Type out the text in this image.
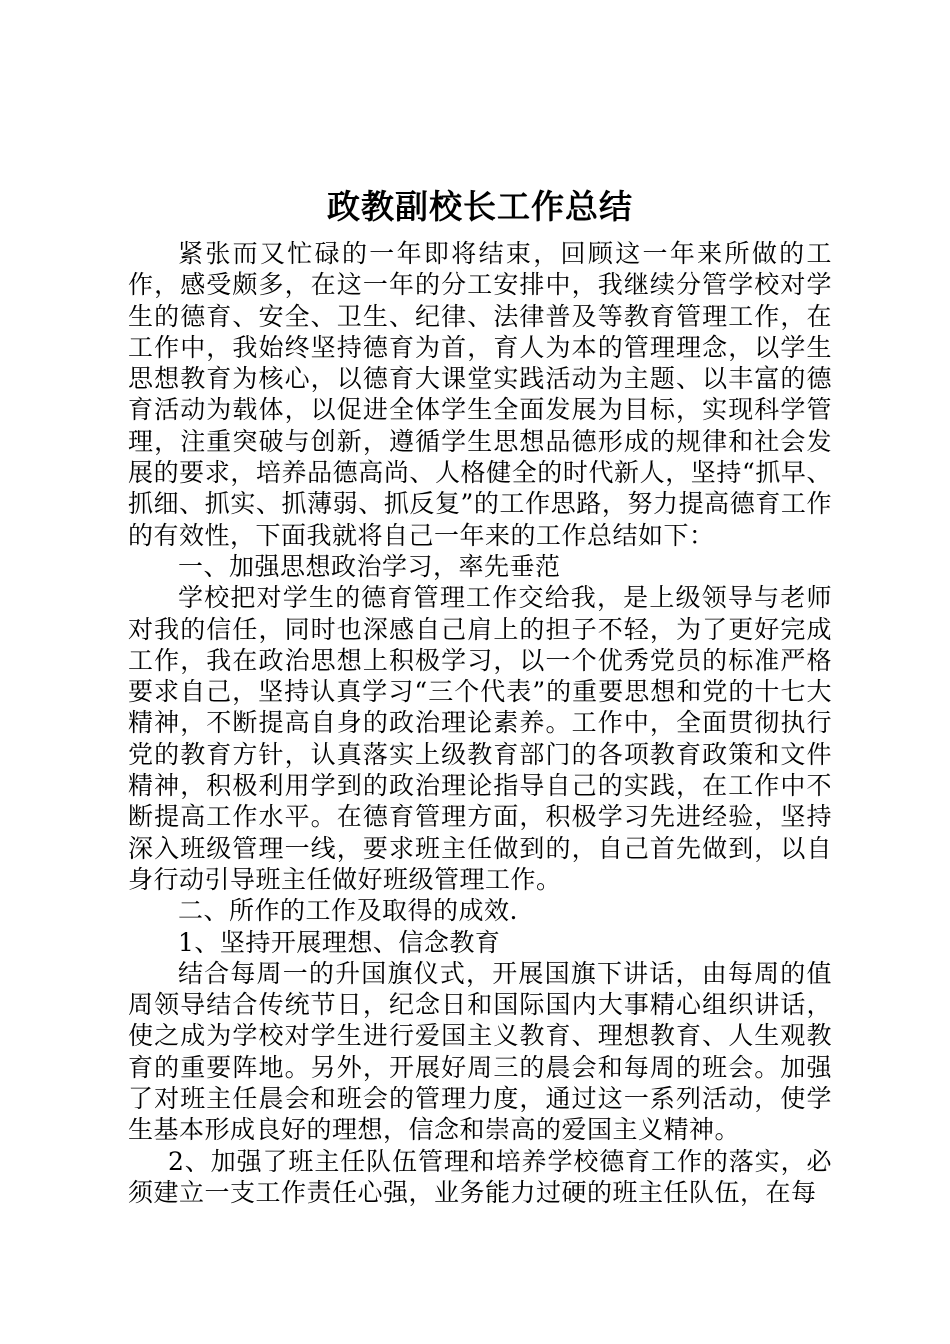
政教副校长工作总结

紧张而又忙碌的一年即将结束，回顾这一年来所做的工作，感受颇多，在这一年的分工安排中，我继续分管学校对学生的德育、安全、卫生、纪律、法律普及等教育管理工作，在工作中，我始终坚持德育为首，育人为本的管理理念，以学生思想教育为核心，以德育大课堂实践活动为主题、以丰富的德育活动为载体，以促进全体学生全面发展为目标，实现科学管理，注重突破与创新，遵循学生思想品德形成的规律和社会发展的要求，培养品德高尚、人格健全的时代新人，坚持“抓早、抓细、抓实、抓薄弱、抓反复”的工作思路，努力提高德育工作的有效性，下面我就将自己一年来的工作总结如下：

一、加强思想政治学习，率先垂范

学校把对学生的德育管理工作交给我，是上级领导与老师对我的信任，同时也深感自己肩上的担子不轻，为了更好完成工作，我在政治思想上积极学习，以一个优秀党员的标准严格要求自己，坚持认真学习“三个代表”的重要思想和党的十七大精神，不断提高自身的政治理论素养。工作中，全面贯彻执行党的教育方针，认真落实上级教育部门的各项教育政策和文件精神，积极利用学到的政治理论指导自己的实践，在工作中不断提高工作水平。在德育管理方面，积极学习先进经验，坚持深入班级管理一线，要求班主任做到的，自己首先做到，以自身行动引导班主任做好班级管理工作。

二、所作的工作及取得的成效.

1、坚持开展理想、信念教育

结合每周一的升国旗仪式，开展国旗下讲话，由每周的值周领导结合传统节日，纪念日和国际国内大事精心组织讲话，使之成为学校对学生进行爱国主义教育、理想教育、人生观教育的重要阵地。另外，开展好周三的晨会和每周的班会。加强了对班主任晨会和班会的管理力度，通过这一系列活动，使学生基本形成良好的理想，信念和崇高的爱国主义精神。

2、加强了班主任队伍管理和培养学校德育工作的落实，必须建立一支工作责任心强，业务能力过硬的班主任队伍，在每
